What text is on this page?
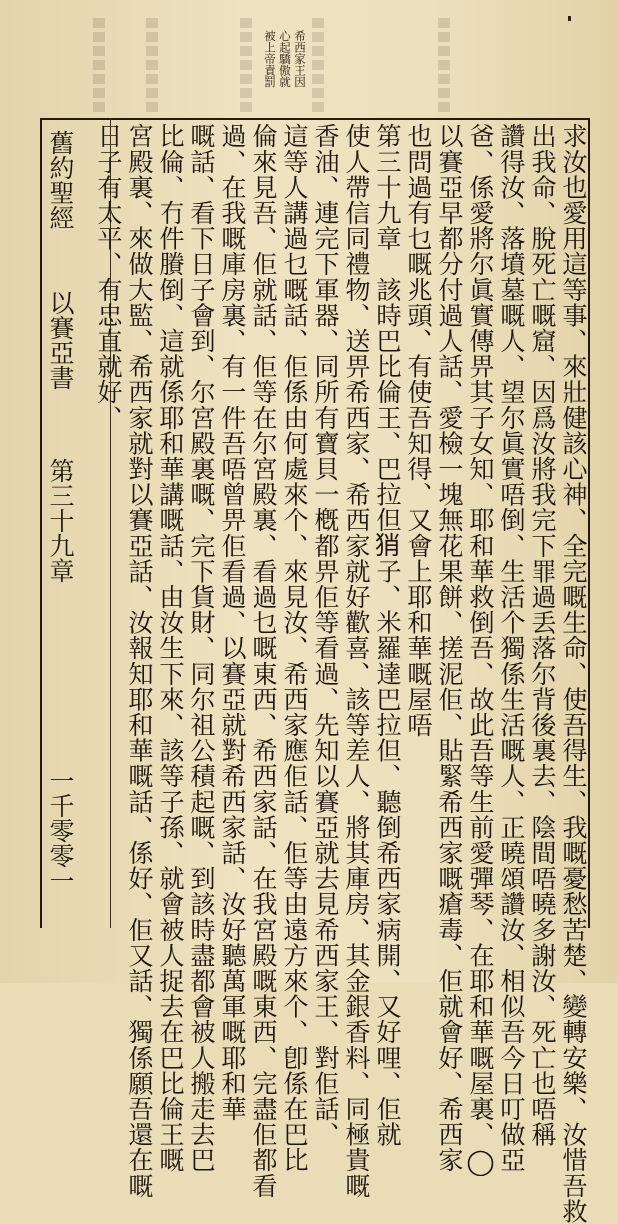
希西家王因
心起驕傲就
被上帝責罰
舊約聖經
以賽亞書
第三十九章
一千零零一	求汝也愛用這等事、來壯健該心神、全完嘅生命、使吾得生、我嘅憂愁苦楚、變轉安樂、汝惜吾救
出我命、脫死亡嘅窟、因爲汝將我完下罪過丢落尔背後裏去、陰間唔曉多謝汝、死亡也唔稱
讚得汝、落墳墓嘅人、望尔眞實唔倒、生活个獨係生活嘅人、正曉頌讚汝、相似吾今日叮做亞
爸、係愛將尔眞實傳畀其子女知、耶和華救倒吾、故此吾等生前愛彈琴、在耶和華嘅屋裏、◯
以賽亞早都分付過人話、愛檢一塊無花果餅、搓泥佢、貼緊希西家嘅瘡毒、佢就會好、希西家
也問過有乜嘅兆頭、有使吾知得、又會上耶和華嘅屋唔
第三十九章　該時巴比倫王、巴拉但𤞚子、米羅達巴拉但、聽倒希西家病開、又好哩、佢就
使人帶信同禮物、送畀希西家、希西家就好歡喜、該等差人、將其庫房、其金銀香料、同極貴嘅
香油、連完下軍器、同所有寶貝一槪都畀佢等看過、先知以賽亞就去見希西家王、對佢話、
這等人講過乜嘅話、佢係由何處來个、來見汝、希西家應佢話、佢等由遠方來个、卽係在巴比
倫來見吾、佢就話、佢等在尔宮殿裏、看過乜嘅東西、希西家話、在我宮殿嘅東西、完盡佢都看
過、在我嘅庫房裏、有一件吾唔曾畀佢看過、以賽亞就對希西家話、汝好聽萬軍嘅耶和華
嘅話、看下日子會到、尔宮殿裏嘅、完下貨財、同尔祖公積起嘅、到該時盡都會被人搬走去巴
比倫、冇件賸倒、這就係耶和華講嘅話、由汝生下來、該等子孫、就會被人捉去在巴比倫王嘅
宮殿裏、來做大監、希西家就對以賽亞話、汝報知耶和華嘅話、係好、佢又話、獨係願吾還在嘅
日子有太平、有忠直就好、
